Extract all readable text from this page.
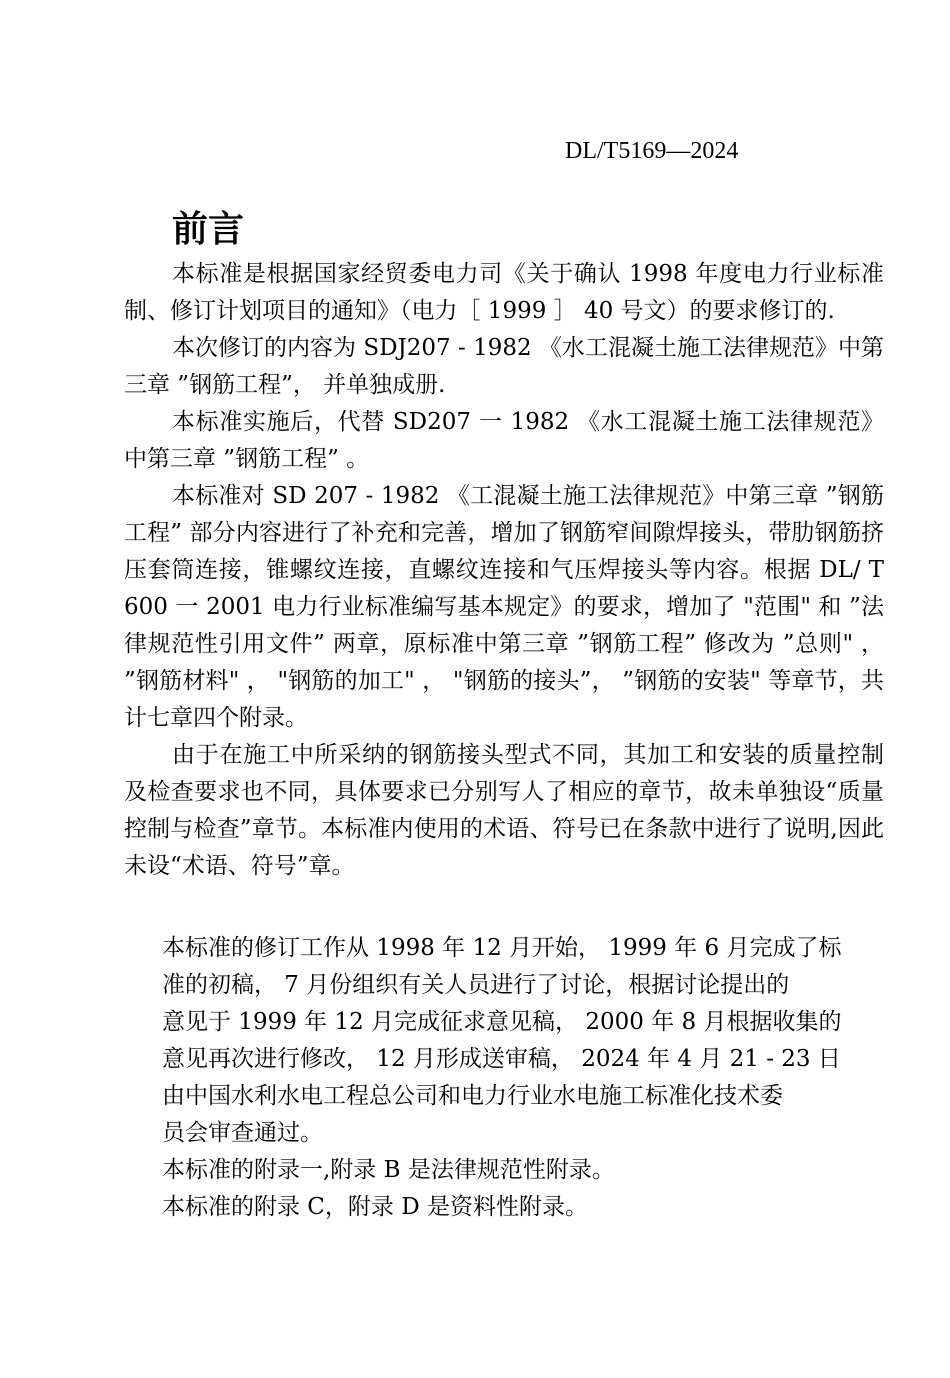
DL/T5169—2024
前言

本标准是根据国家经贸委电力司《关于确认 1998 年度电力行业标准制、修订计划项目的通知》（电力［ 1999 ］ 40 号文）的要求修订的.

本次修订的内容为 SDJ207 - 1982 《水工混凝土施工法律规范》中第三章 ”钢筋工程”， 并单独成册.

本标准实施后，代替 SD207 一 1982 《水工混凝土施工法律规范》中第三章 ”钢筋工程” 。

本标准对 SD 207 - 1982 《工混凝土施工法律规范》中第三章 ”钢筋工程” 部分内容进行了补充和完善，增加了钢筋窄间隙焊接头，带肋钢筋挤压套筒连接，锥螺纹连接，直螺纹连接和气压焊接头等内容。根据 DL/ T 600 一 2001 电力行业标准编写基本规定》的要求，增加了 "范围" 和 ”法律规范性引用文件” 两章，原标准中第三章 ”钢筋工程” 修改为 ”总则" ， ”钢筋材料" ， "钢筋的加工" ， "钢筋的接头”， ”钢筋的安装" 等章节，共计七章四个附录。

由于在施工中所采纳的钢筋接头型式不同，其加工和安装的质量控制及检查要求也不同，具体要求已分别写人了相应的章节，故未单独设“质量控制与检查”章节。本标准内使用的术语、符号已在条款中进行了说明,因此未设“术语、符号”章。

本标准的修订工作从 1998 年 12 月开始， 1999 年 6 月完成了标
准的初稿， 7 月份组织有关人员进行了讨论，根据讨论提出的
意见于 1999 年 12 月完成征求意见稿， 2000 年 8 月根据收集的
意见再次进行修改， 12 月形成送审稿， 2024 年 4 月 21 - 23 日
由中国水利水电工程总公司和电力行业水电施工标准化技术委
员会审查通过。

本标准的附录一,附录 B 是法律规范性附录。

本标准的附录 C，附录 D 是资料性附录。
